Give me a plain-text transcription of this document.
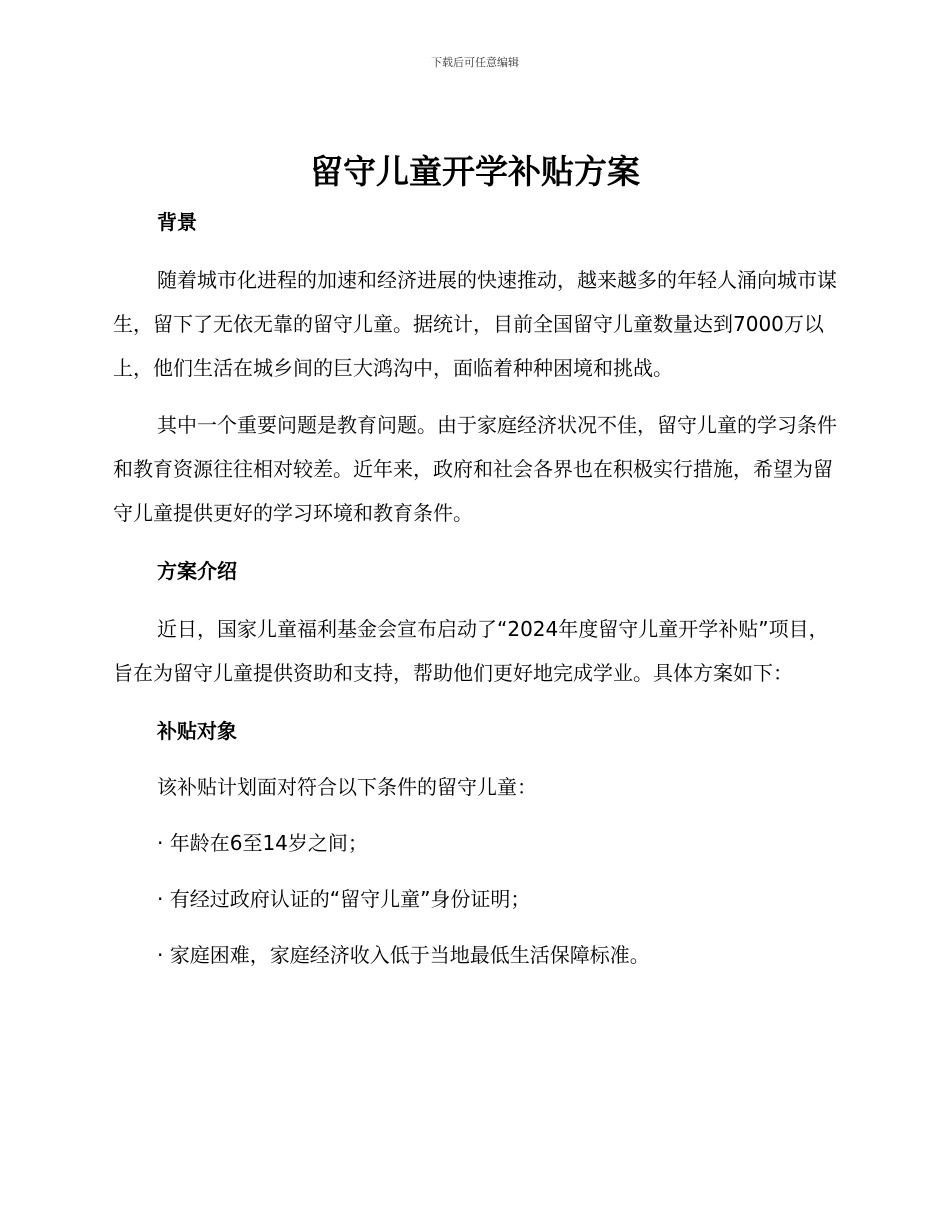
下载后可任意编辑

留守儿童开学补贴方案
背景

随着城市化进程的加速和经济进展的快速推动，越来越多的年轻人涌向城市谋生，留下了无依无靠的留守儿童。据统计，目前全国留守儿童数量达到7000万以上，他们生活在城乡间的巨大鸿沟中，面临着种种困境和挑战。

其中一个重要问题是教育问题。由于家庭经济状况不佳，留守儿童的学习条件和教育资源往往相对较差。近年来，政府和社会各界也在积极实行措施，希望为留守儿童提供更好的学习环境和教育条件。

方案介绍

近日，国家儿童福利基金会宣布启动了“2024年度留守儿童开学补贴”项目，旨在为留守儿童提供资助和支持，帮助他们更好地完成学业。具体方案如下：

补贴对象

该补贴计划面对符合以下条件的留守儿童：

· 年龄在6至14岁之间；

· 有经过政府认证的“留守儿童”身份证明；

· 家庭困难，家庭经济收入低于当地最低生活保障标准。
